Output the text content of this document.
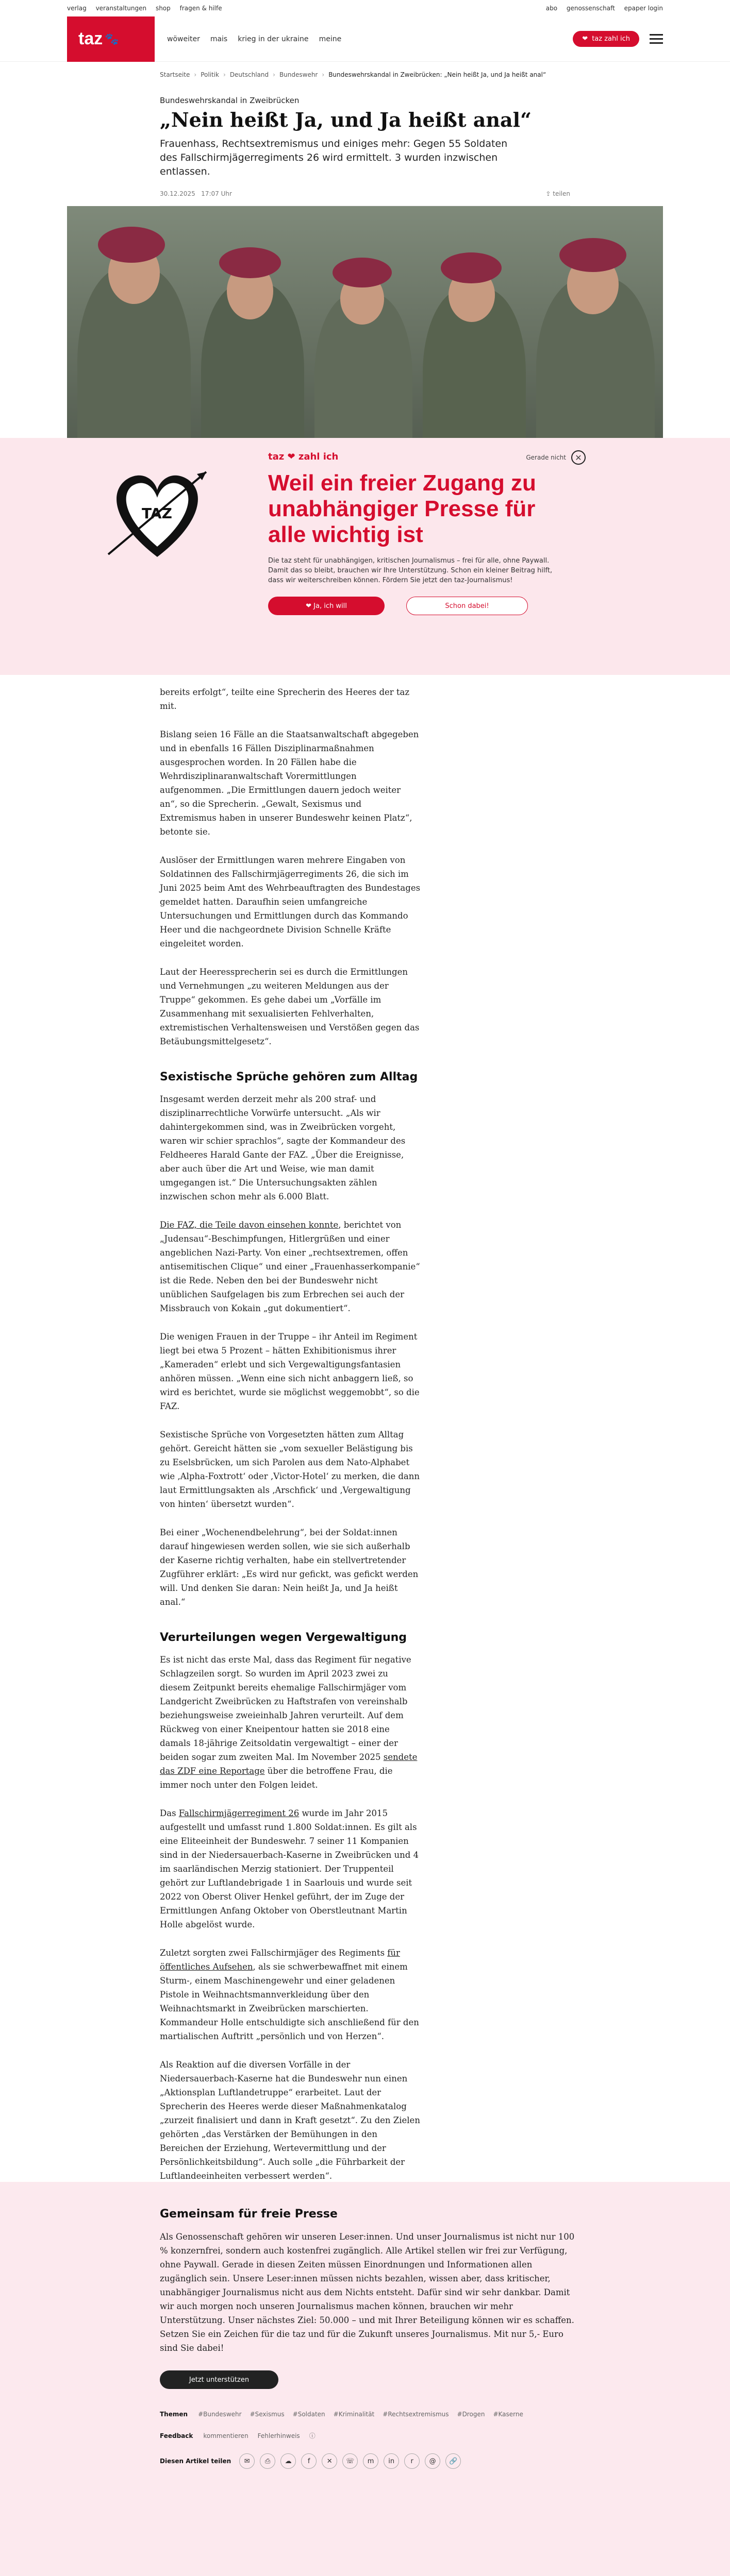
verlag veranstaltungen shop fragen & hilfe	abo genossenschaft epaper login
taz 🐾	wöweiter mais krieg in der ukraine meine	❤ taz zahl ich
Startseite › Politik › Deutschland › Bundeswehr › Bundeswehrskandal in Zweibrücken: „Nein heißt Ja, und Ja heißt anal“
Bundeswehrskandal in Zweibrücken
„Nein heißt Ja, und Ja heißt anal“
Frauenhass, Rechtsextremismus und einiges mehr: Gegen 55 Soldaten des Fallschirmjägerregiments 26 wird ermittelt. 3 wurden inzwischen entlassen.
30.12.2025 17:07 Uhr	⇪ teilen
TAZ
taz ❤ zahl ich
Weil ein freier Zugang zu unabhängiger Presse für alle wichtig ist
Die taz steht für unabhängigen, kritischen Journalismus – frei für alle, ohne Paywall. Damit das so bleibt, brauchen wir Ihre Unterstützung. Schon ein kleiner Beitrag hilft, dass wir weiterschreiben können. Fördern Sie jetzt den taz-Journalismus!
❤ Ja, ich will	Schon dabei!
Gerade nicht	✕

bereits erfolgt“, teilte eine Sprecherin des Heeres der taz mit.

Bislang seien 16 Fälle an die Staatsanwaltschaft abgegeben und in ebenfalls 16 Fällen Disziplinarmaßnahmen ausgesprochen worden. In 20 Fällen habe die Wehrdisziplinaranwaltschaft Vorermittlungen aufgenommen. „Die Ermittlungen dauern jedoch weiter an“, so die Sprecherin. „Gewalt, Sexismus und Extremismus haben in unserer Bundeswehr keinen Platz“, betonte sie.

Auslöser der Ermittlungen waren mehrere Eingaben von Soldatinnen des Fallschirmjägerregiments 26, die sich im Juni 2025 beim Amt des Wehrbeauftragten des Bundestages gemeldet hatten. Daraufhin seien umfangreiche Untersuchungen und Ermittlungen durch das Kommando Heer und die nachgeordnete Division Schnelle Kräfte eingeleitet worden.

Laut der Heeressprecherin sei es durch die Ermittlungen und Vernehmungen „zu weiteren Meldungen aus der Truppe“ gekommen. Es gehe dabei um „Vorfälle im Zusammenhang mit sexualisierten Fehlverhalten, extremistischen Verhaltensweisen und Verstößen gegen das Betäubungsmittelgesetz“.

Sexistische Sprüche gehören zum Alltag

Insgesamt werden derzeit mehr als 200 straf- und disziplinarrechtliche Vorwürfe untersucht. „Als wir dahintergekommen sind, was in Zweibrücken vorgeht, waren wir schier sprachlos“, sagte der Kommandeur des Feldheeres Harald Gante der FAZ. „Über die Ereignisse, aber auch über die Art und Weise, wie man damit umgegangen ist.“ Die Untersuchungsakten zählen inzwischen schon mehr als 6.000 Blatt.

Die FAZ, die Teile davon einsehen konnte, berichtet von „Judensau“-Beschimpfungen, Hitlergrüßen und einer angeblichen Nazi-Party. Von einer „rechtsextremen, offen antisemitischen Clique“ und einer „Frauenhasserkompanie“ ist die Rede. Neben den bei der Bundeswehr nicht unüblichen Saufgelagen bis zum Erbrechen sei auch der Missbrauch von Kokain „gut dokumentiert“.

Die wenigen Frauen in der Truppe – ihr Anteil im Regiment liegt bei etwa 5 Prozent – hätten Exhibitionismus ihrer „Kameraden“ erlebt und sich Vergewaltigungsfantasien anhören müssen. „Wenn eine sich nicht anbaggern ließ, so wird es berichtet, wurde sie möglichst weggemobbt“, so die FAZ.

Sexistische Sprüche von Vorgesetzten hätten zum Alltag gehört. Gereicht hätten sie „vom sexueller Belästigung bis zu Eselsbrücken, um sich Parolen aus dem Nato-Alphabet wie ‚Alpha-Foxtrott‘ oder ‚Victor-Hotel‘ zu merken, die dann laut Ermittlungsakten als ‚Arschfick‘ und ‚Vergewaltigung von hinten‘ übersetzt wurden“.

Bei einer „Wochenendbelehrung“, bei der Soldat:innen darauf hingewiesen werden sollen, wie sie sich außerhalb der Kaserne richtig verhalten, habe ein stellvertretender Zugführer erklärt: „Es wird nur gefickt, was gefickt werden will. Und denken Sie daran: Nein heißt Ja, und Ja heißt anal.“

Verurteilungen wegen Vergewaltigung

Es ist nicht das erste Mal, dass das Regiment für negative Schlagzeilen sorgt. So wurden im April 2023 zwei zu diesem Zeitpunkt bereits ehemalige Fallschirmjäger vom Landgericht Zweibrücken zu Haftstrafen von vereinshalb beziehungsweise zweieinhalb Jahren verurteilt. Auf dem Rückweg von einer Kneipentour hatten sie 2018 eine damals 18-jährige Zeitsoldatin vergewaltigt – einer der beiden sogar zum zweiten Mal. Im November 2025 sendete das ZDF eine Reportage über die betroffene Frau, die immer noch unter den Folgen leidet.

Das Fallschirmjägerregiment 26 wurde im Jahr 2015 aufgestellt und umfasst rund 1.800 Soldat:innen. Es gilt als eine Eliteeinheit der Bundeswehr. 7 seiner 11 Kompanien sind in der Niedersauerbach-Kaserne in Zweibrücken und 4 im saarländischen Merzig stationiert. Der Truppenteil gehört zur Luftlandebrigade 1 in Saarlouis und wurde seit 2022 von Oberst Oliver Henkel geführt, der im Zuge der Ermittlungen Anfang Oktober von Oberstleutnant Martin Holle abgelöst wurde.

Zuletzt sorgten zwei Fallschirmjäger des Regiments für öffentliches Aufsehen, als sie schwerbewaffnet mit einem Sturm-, einem Maschinengewehr und einer geladenen Pistole in Weihnachtsmannverkleidung über den Weihnachtsmarkt in Zweibrücken marschierten. Kommandeur Holle entschuldigte sich anschließend für den martialischen Auftritt „persönlich und von Herzen“.

Als Reaktion auf die diversen Vorfälle in der Niedersauerbach-Kaserne hat die Bundeswehr nun einen „Aktionsplan Luftlandetruppe“ erarbeitet. Laut der Sprecherin des Heeres werde dieser Maßnahmenkatalog „zurzeit finalisiert und dann in Kraft gesetzt“. Zu den Zielen gehörten „das Verstärken der Bemühungen in den Bereichen der Erziehung, Wertevermittlung und der Persönlichkeitsbildung“. Auch solle „die Führbarkeit der Luftlandeeinheiten verbessert werden“.

Gemeinsam für freie Presse

Als Genossenschaft gehören wir unseren Leser:innen. Und unser Journalismus ist nicht nur 100 % konzernfrei, sondern auch kostenfrei zugänglich. Alle Artikel stellen wir frei zur Verfügung, ohne Paywall. Gerade in diesen Zeiten müssen Einordnungen und Informationen allen zugänglich sein. Unsere Leser:innen müssen nichts bezahlen, wissen aber, dass kritischer, unabhängiger Journalismus nicht aus dem Nichts entsteht. Dafür sind wir sehr dankbar. Damit wir auch morgen noch unseren Journalismus machen können, brauchen wir mehr Unterstützung. Unser nächstes Ziel: 50.000 – und mit Ihrer Beteiligung können wir es schaffen. Setzen Sie ein Zeichen für die taz und für die Zukunft unseres Journalismus. Mit nur 5,- Euro sind Sie dabei!

Jetzt unterstützen
Themen #Bundeswehr #Sexismus #Soldaten #Kriminalität #Rechtsextremismus #Drogen #Kaserne
Feedback kommentieren Fehlerhinweis ⓘ
Diesen Artikel teilen	✉	⎙	☁	f	✕	☏	m	in	r	@	🔗
